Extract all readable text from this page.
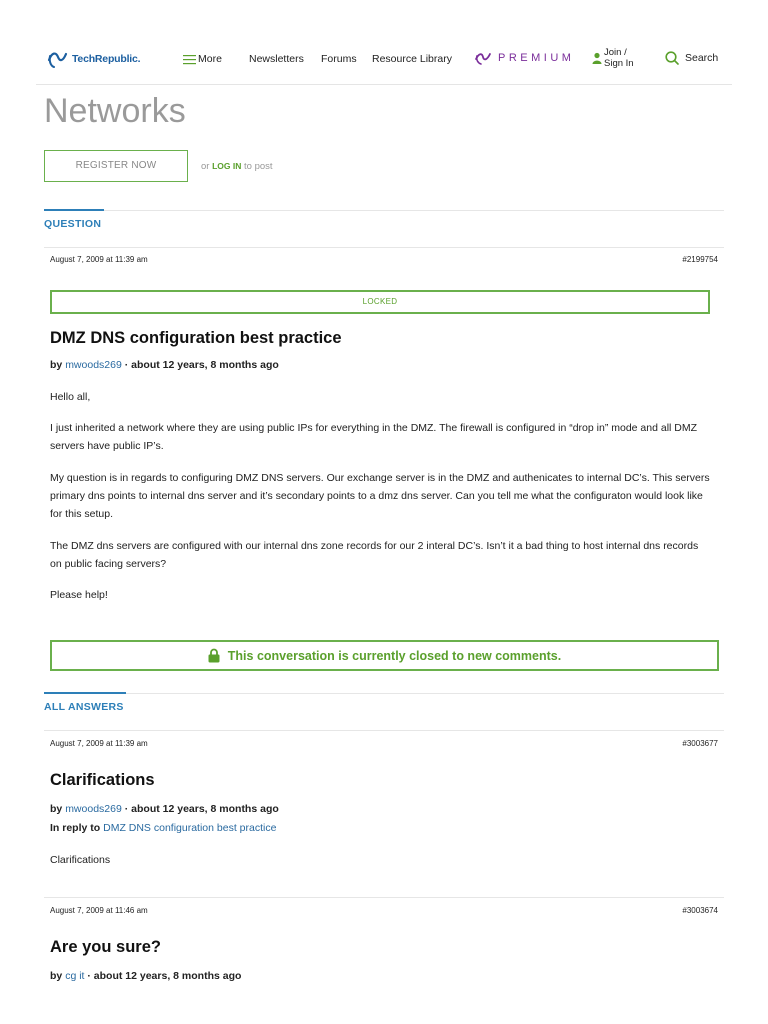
TechRepublic.	More	Newsletters Forums Resource Library	PREMIUM	Join /
Sign In	Search
Networks
REGISTER NOW	or LOG IN to post
QUESTION
August 7, 2009 at 11:39 am	#2199754
LOCKED
DMZ DNS configuration best practice
by mwoods269 · about 12 years, 8 months ago

Hello all,

I just inherited a network where they are using public IPs for everything in the DMZ. The firewall is configured in “drop in” mode and all DMZ servers have public IP’s.

My question is in regards to configuring DMZ DNS servers. Our exchange server is in the DMZ and authenicates to internal DC’s. This servers primary dns points to internal dns server and it’s secondary points to a dmz dns server. Can you tell me what the configuraton would look like for this setup.

The DMZ dns servers are configured with our internal dns zone records for our 2 interal DC’s. Isn’t it a bad thing to host internal dns records on public facing servers?

Please help!

This conversation is currently closed to new comments.
ALL ANSWERS
August 7, 2009 at 11:39 am	#3003677
Clarifications
by mwoods269 · about 12 years, 8 months ago
In reply to DMZ DNS configuration best practice

Clarifications

August 7, 2009 at 11:46 am	#3003674
Are you sure?
by cg it · about 12 years, 8 months ago
